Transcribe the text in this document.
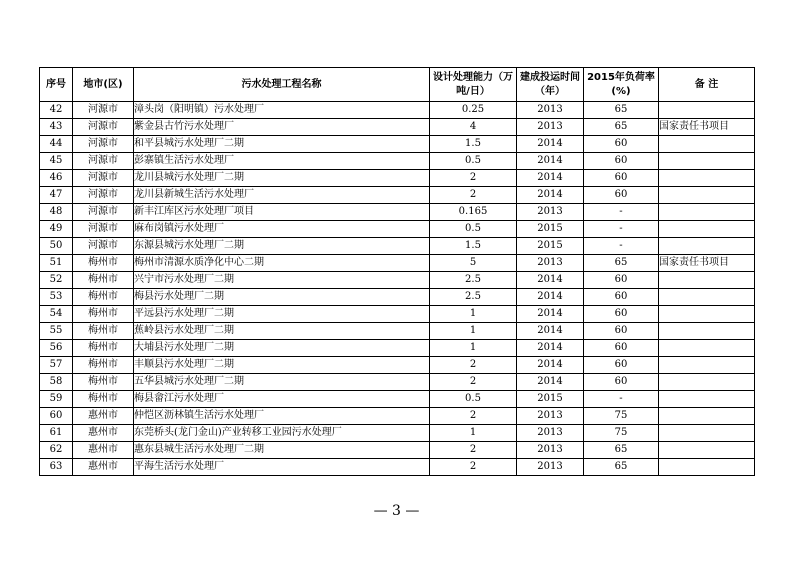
序号	地市(区)	污水处理工程名称	设计处理能力（万吨/日）	建成投运时间（年）	2015年负荷率(%)	备 注
42	河源市	漳头岗（阳明镇）污水处理厂	0.25	2013	65	
43	河源市	紫金县古竹污水处理厂	4	2013	65	国家责任书项目
44	河源市	和平县城污水处理厂二期	1.5	2014	60	
45	河源市	彭寨镇生活污水处理厂	0.5	2014	60	
46	河源市	龙川县城污水处理厂二期	2	2014	60	
47	河源市	龙川县新城生活污水处理厂	2	2014	60	
48	河源市	新丰江库区污水处理厂项目	0.165	2013	-	
49	河源市	麻布岗镇污水处理厂	0.5	2015	-	
50	河源市	东源县城污水处理厂二期	1.5	2015	-	
51	梅州市	梅州市清源水质净化中心二期	5	2013	65	国家责任书项目
52	梅州市	兴宁市污水处理厂二期	2.5	2014	60	
53	梅州市	梅县污水处理厂二期	2.5	2014	60	
54	梅州市	平远县污水处理厂二期	1	2014	60	
55	梅州市	蕉岭县污水处理厂二期	1	2014	60	
56	梅州市	大埔县污水处理厂二期	1	2014	60	
57	梅州市	丰顺县污水处理厂二期	2	2014	60	
58	梅州市	五华县城污水处理厂二期	2	2014	60	
59	梅州市	梅县畲江污水处理厂	0.5	2015	-	
60	惠州市	仲恺区沥林镇生活污水处理厂	2	2013	75	
61	惠州市	东莞桥头(龙门金山)产业转移工业园污水处理厂	1	2013	75	
62	惠州市	惠东县城生活污水处理厂二期	2	2013	65	
63	惠州市	平海生活污水处理厂	2	2013	65	
— 3 —
